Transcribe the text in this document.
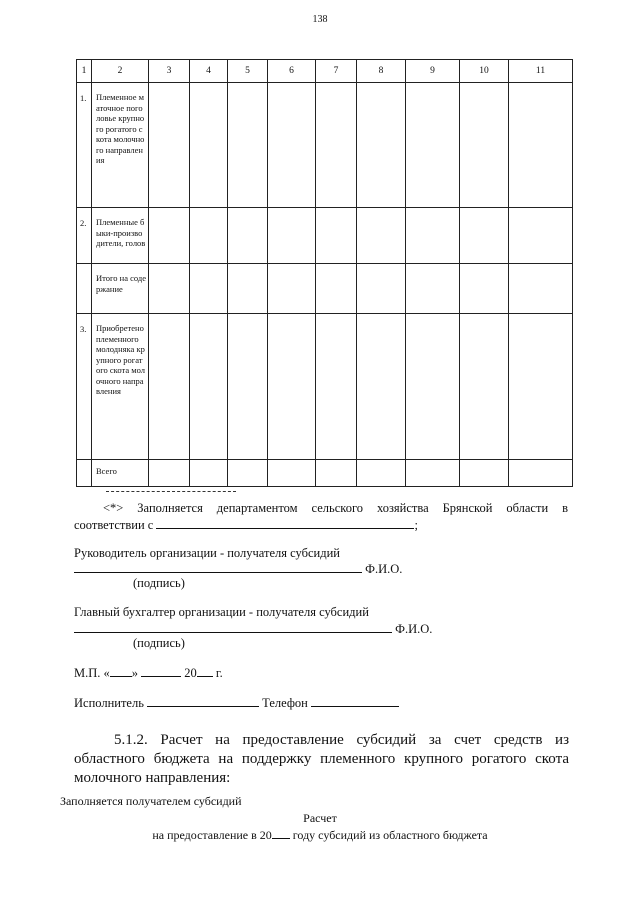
138
1	2	3	4	5	6	7	8	9	10	11
1.	Племенное маточное поголовье крупного рогатого скота молочного направления									
2.	Племенные быки-производители, голов									
	Итого на содержание									
3.	Приобретено племенного молодняка крупного рогатого скота молочного направления									
	Всего									
<*> Заполняется департаментом сельского хозяйства Брянской области в
соответствии с	;
Руководитель организации - получателя субсидий
Ф.И.О.
(подпись)
Главный бухгалтер организации - получателя субсидий
Ф.И.О.
(подпись)
М.П. « »	20 г.
Исполнитель	Телефон
5.1.2. Расчет на предоставление субсидий за счет средств из
областного бюджета на поддержку племенного крупного рогатого скота
молочного направления:
Заполняется получателем субсидий
Расчет
на предоставление в 20 году субсидий из областного бюджета
